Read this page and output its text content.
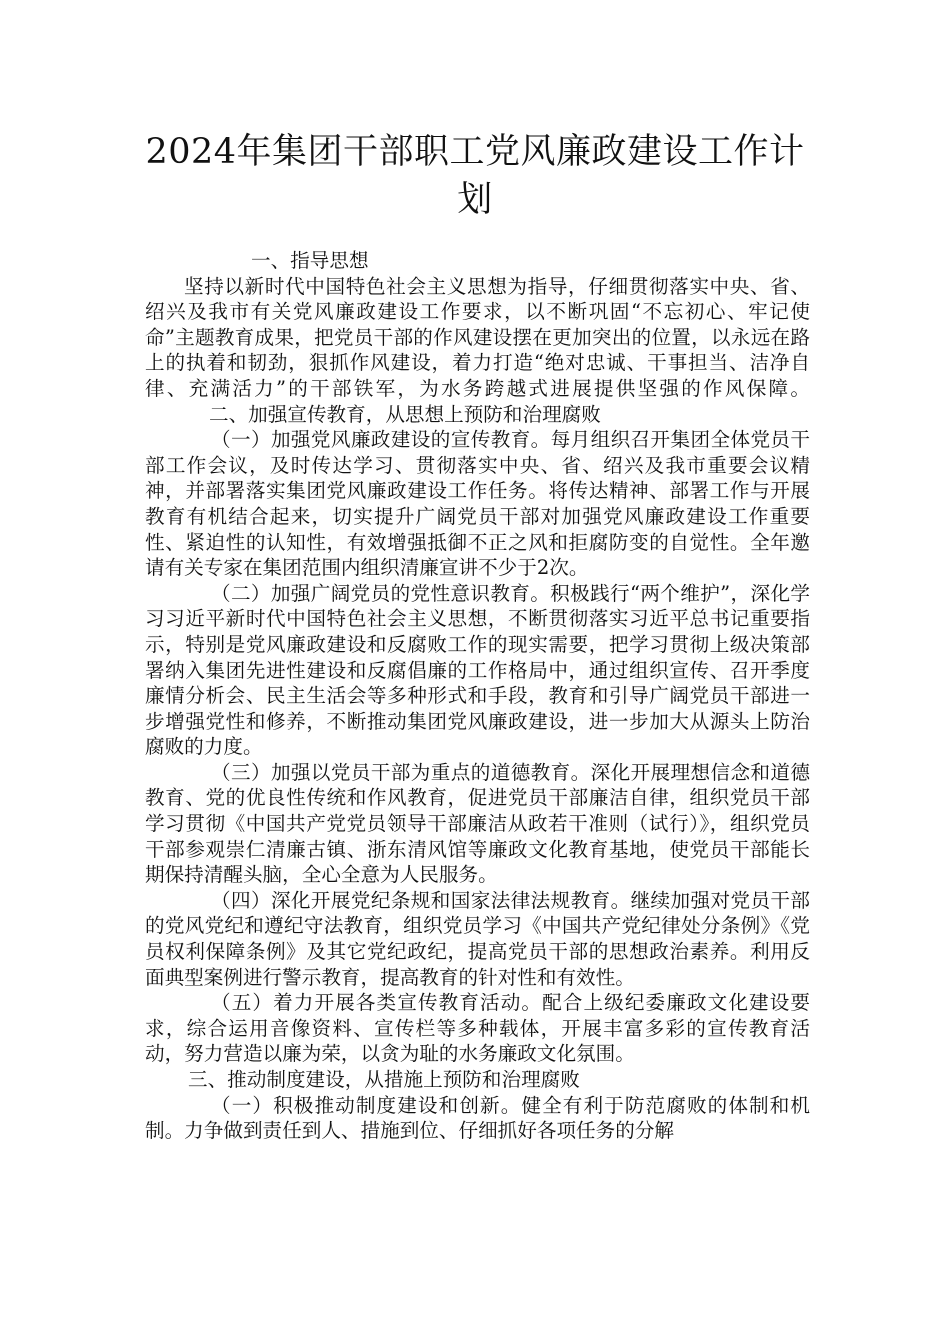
2024年集团干部职工党风廉政建设工作计划

一、指导思想

坚持以新时代中国特色社会主义思想为指导，仔细贯彻落实中央、省、绍兴及我市有关党风廉政建设工作要求，以不断巩固“不忘初心、牢记使命”主题教育成果，把党员干部的作风建设摆在更加突出的位置，以永远在路上的执着和韧劲，狠抓作风建设，着力打造“绝对忠诚、干事担当、洁净自律、充满活力”的干部铁军，为水务跨越式进展提供坚强的作风保障。二、加强宣传教育，从思想上预防和治理腐败

（一）加强党风廉政建设的宣传教育。每月组织召开集团全体党员干部工作会议，及时传达学习、贯彻落实中央、省、绍兴及我市重要会议精神，并部署落实集团党风廉政建设工作任务。将传达精神、部署工作与开展教育有机结合起来，切实提升广阔党员干部对加强党风廉政建设工作重要性、紧迫性的认知性，有效增强抵御不正之风和拒腐防变的自觉性。全年邀请有关专家在集团范围内组织清廉宣讲不少于2次。

（二）加强广阔党员的党性意识教育。积极践行“两个维护”，深化学习习近平新时代中国特色社会主义思想，不断贯彻落实习近平总书记重要指示，特别是党风廉政建设和反腐败工作的现实需要，把学习贯彻上级决策部署纳入集团先进性建设和反腐倡廉的工作格局中，通过组织宣传、召开季度廉情分析会、民主生活会等多种形式和手段，教育和引导广阔党员干部进一步增强党性和修养，不断推动集团党风廉政建设，进一步加大从源头上防治腐败的力度。

（三）加强以党员干部为重点的道德教育。深化开展理想信念和道德教育、党的优良性传统和作风教育，促进党员干部廉洁自律，组织党员干部学习贯彻《中国共产党党员领导干部廉洁从政若干准则（试行）》，组织党员干部参观崇仁清廉古镇、浙东清风馆等廉政文化教育基地，使党员干部能长期保持清醒头脑，全心全意为人民服务。

（四）深化开展党纪条规和国家法律法规教育。继续加强对党员干部的党风党纪和遵纪守法教育，组织党员学习《中国共产党纪律处分条例》《党员权利保障条例》及其它党纪政纪，提高党员干部的思想政治素养。利用反面典型案例进行警示教育，提高教育的针对性和有效性。

（五）着力开展各类宣传教育活动。配合上级纪委廉政文化建设要求，综合运用音像资料、宣传栏等多种载体，开展丰富多彩的宣传教育活动，努力营造以廉为荣，以贪为耻的水务廉政文化氛围。

三、推动制度建设，从措施上预防和治理腐败

（一）积极推动制度建设和创新。健全有利于防范腐败的体制和机制。力争做到责任到人、措施到位、仔细抓好各项任务的分解
